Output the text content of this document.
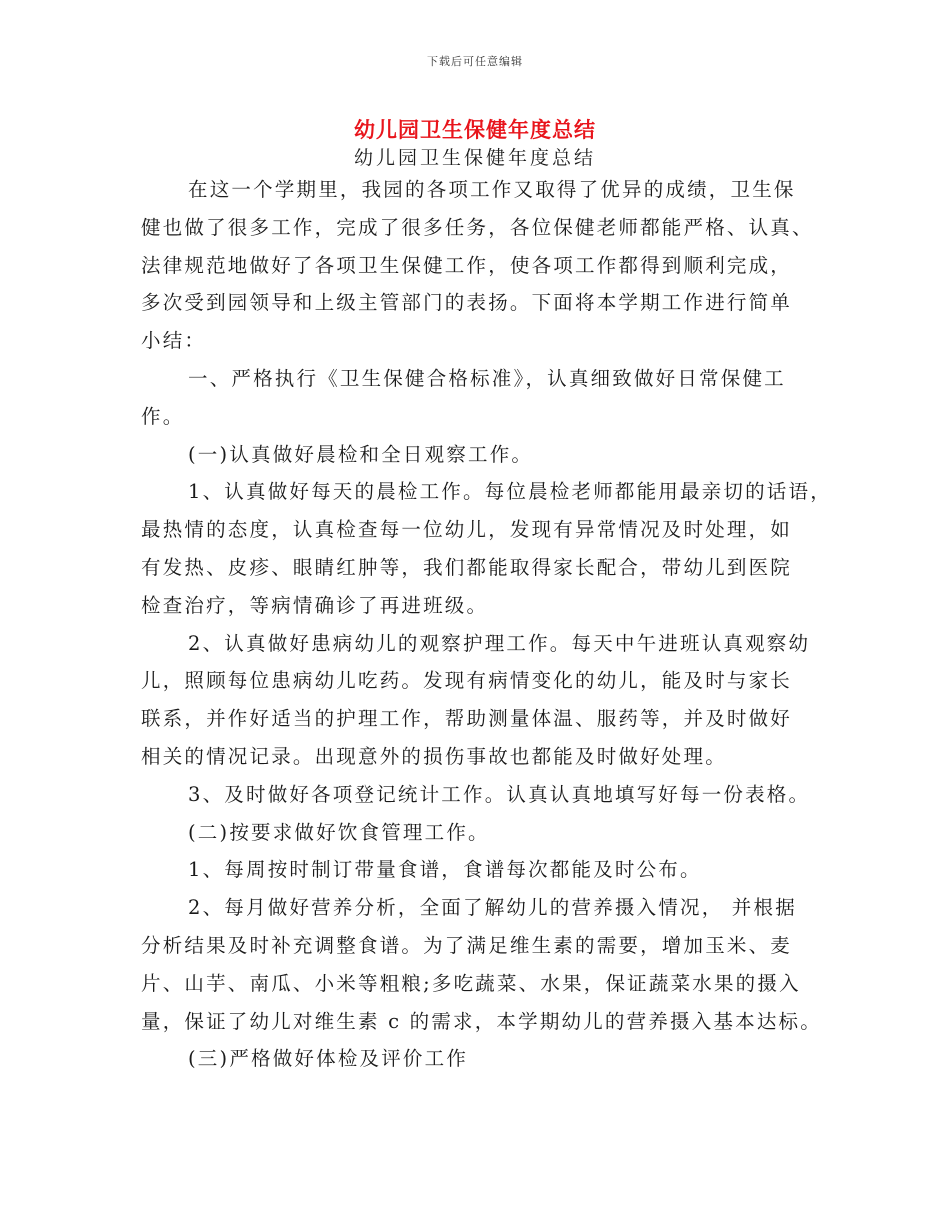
下载后可任意编辑
幼儿园卫生保健年度总结
幼儿园卫生保健年度总结
在这一个学期里，我园的各项工作又取得了优异的成绩，卫生保
健也做了很多工作，完成了很多任务，各位保健老师都能严格、认真、
法律规范地做好了各项卫生保健工作，使各项工作都得到顺利完成，
多次受到园领导和上级主管部门的表扬。下面将本学期工作进行简单
小结：
一、严格执行《卫生保健合格标准》，认真细致做好日常保健工
作。
(一)认真做好晨检和全日观察工作。
1、认真做好每天的晨检工作。每位晨检老师都能用最亲切的话语，
最热情的态度，认真检查每一位幼儿，发现有异常情况及时处理，如
有发热、皮疹、眼睛红肿等，我们都能取得家长配合，带幼儿到医院
检查治疗，等病情确诊了再进班级。
2、认真做好患病幼儿的观察护理工作。每天中午进班认真观察幼
儿，照顾每位患病幼儿吃药。发现有病情变化的幼儿，能及时与家长
联系，并作好适当的护理工作，帮助测量体温、服药等，并及时做好
相关的情况记录。出现意外的损伤事故也都能及时做好处理。
3、及时做好各项登记统计工作。认真认真地填写好每一份表格。
(二)按要求做好饮食管理工作。
1、每周按时制订带量食谱，食谱每次都能及时公布。
2、每月做好营养分析，全面了解幼儿的营养摄入情况， 并根据
分析结果及时补充调整食谱。为了满足维生素的需要，增加玉米、麦
片、山芋、南瓜、小米等粗粮;多吃蔬菜、水果，保证蔬菜水果的摄入
量，保证了幼儿对维生素 c 的需求，本学期幼儿的营养摄入基本达标。
(三)严格做好体检及评价工作
